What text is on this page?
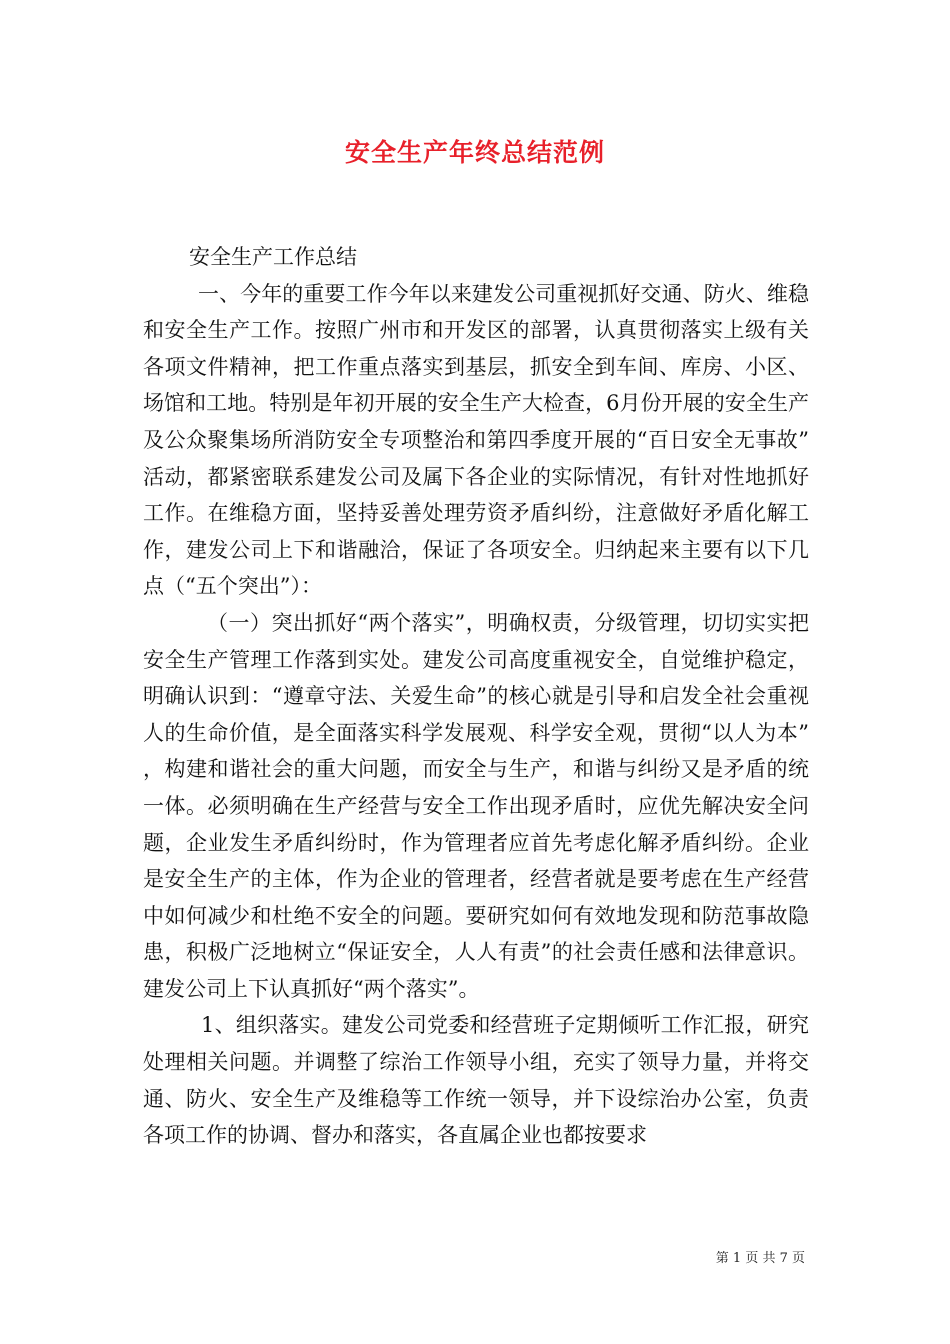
安全生产年终总结范例

安全生产工作总结

一、今年的重要工作今年以来建发公司重视抓好交通、防火、维稳和安全生产工作。按照广州市和开发区的部署，认真贯彻落实上级有关各项文件精神，把工作重点落实到基层，抓安全到车间、库房、小区、场馆和工地。特别是年初开展的安全生产大检查，6月份开展的安全生产及公众聚集场所消防安全专项整治和第四季度开展的“百日安全无事故”活动，都紧密联系建发公司及属下各企业的实际情况，有针对性地抓好工作。在维稳方面，坚持妥善处理劳资矛盾纠纷，注意做好矛盾化解工作，建发公司上下和谐融洽，保证了各项安全。归纳起来主要有以下几点（“五个突出”）：

（一）突出抓好“两个落实”，明确权责，分级管理，切切实实把安全生产管理工作落到实处。建发公司高度重视安全，自觉维护稳定，明确认识到：“遵章守法、关爱生命”的核心就是引导和启发全社会重视人的生命价值，是全面落实科学发展观、科学安全观，贯彻“以人为本”，构建和谐社会的重大问题，而安全与生产，和谐与纠纷又是矛盾的统一体。必须明确在生产经营与安全工作出现矛盾时，应优先解决安全问题，企业发生矛盾纠纷时，作为管理者应首先考虑化解矛盾纠纷。企业是安全生产的主体，作为企业的管理者，经营者就是要考虑在生产经营中如何减少和杜绝不安全的问题。要研究如何有效地发现和防范事故隐患，积极广泛地树立“保证安全，人人有责”的社会责任感和法律意识。建发公司上下认真抓好“两个落实”。

1、组织落实。建发公司党委和经营班子定期倾听工作汇报，研究处理相关问题。并调整了综治工作领导小组，充实了领导力量，并将交通、防火、安全生产及维稳等工作统一领导，并下设综治办公室，负责各项工作的协调、督办和落实，各直属企业也都按要求

第 1 页 共 7 页
